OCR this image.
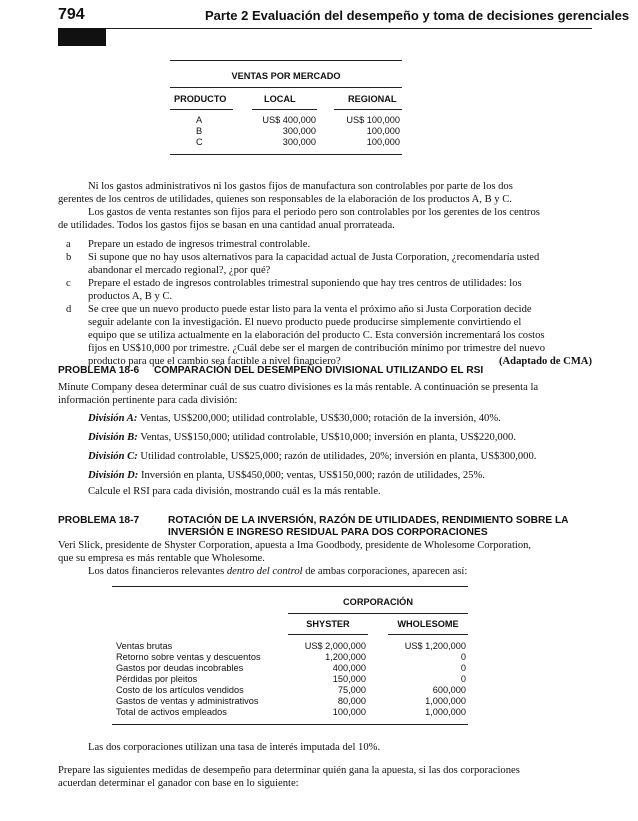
794	Parte 2 Evaluación del desempeño y toma de decisiones gerenciales
VENTAS POR MERCADO
PRODUCTO	LOCAL	REGIONAL
A	US$ 400,000	US$ 100,000
B	300,000	100,000
C	300,000	100,000
Ni los gastos administrativos ni los gastos fijos de manufactura son controlables por parte de los dos
gerentes de los centros de utilidades, quienes son responsables de la elaboración de los productos A, B y C.
Los gastos de venta restantes son fijos para el periodo pero son controlables por los gerentes de los centros
de utilidades. Todos los gastos fijos se basan en una cantidad anual prorrateada.
a Prepare un estado de ingresos trimestral controlable.
b Si supone que no hay usos alternativos para la capacidad actual de Justa Corporation, ¿recomendaría usted
abandonar el mercado regional?, ¿por qué?
c Prepare el estado de ingresos controlables trimestral suponiendo que hay tres centros de utilidades: los
productos A, B y C.
d Se cree que un nuevo producto puede estar listo para la venta el próximo año si Justa Corporation decide
seguir adelante con la investigación. El nuevo producto puede producirse simplemente convirtiendo el
equipo que se utiliza actualmente en la elaboración del producto C. Esta conversión incrementará los costos
fijos en US$10,000 por trimestre. ¿Cuál debe ser el margen de contribución mínimo por trimestre del nuevo
producto para que el cambio sea factible a nivel financiero?	(Adaptado de CMA)
PROBLEMA 18-6 COMPARACIÓN DEL DESEMPEÑO DIVISIONAL UTILIZANDO EL RSI
Minute Company desea determinar cuál de sus cuatro divisiones es la más rentable. A continuación se presenta la
información pertinente para cada división:
División A: Ventas, US$200,000; utilidad controlable, US$30,000; rotación de la inversión, 40%.
División B: Ventas, US$150,000; utilidad controlable, US$10,000; inversión en planta, US$220,000.
División C: Utilidad controlable, US$25,000; razón de utilidades, 20%; inversión en planta, US$300,000.
División D: Inversión en planta, US$450,000; ventas, US$150,000; razón de utilidades, 25%.
Calcule el RSI para cada división, mostrando cuál es la más rentable.
PROBLEMA 18-7	ROTACIÓN DE LA INVERSIÓN, RAZÓN DE UTILIDADES, RENDIMIENTO SOBRE LA
INVERSIÓN E INGRESO RESIDUAL PARA DOS CORPORACIONES
Veri Slick, presidente de Shyster Corporation, apuesta a Ima Goodbody, presidente de Wholesome Corporation,
que su empresa es más rentable que Wholesome.
Los datos financieros relevantes dentro del control de ambas corporaciones, aparecen así:
CORPORACIÓN
SHYSTER	WHOLESOME
Ventas brutas	US$ 2,000,000	US$ 1,200,000
Retorno sobre ventas y descuentos	1,200,000	0
Gastos por deudas incobrables	400,000	0
Pérdidas por pleitos	150,000	0
Costo de los artículos vendidos	75,000	600,000
Gastos de ventas y administrativos	80,000	1,000,000
Total de activos empleados	100,000	1,000,000
Las dos corporaciones utilizan una tasa de interés imputada del 10%.
Prepare las siguientes medidas de desempeño para determinar quién gana la apuesta, si las dos corporaciones
acuerdan determinar el ganador con base en lo siguiente:
